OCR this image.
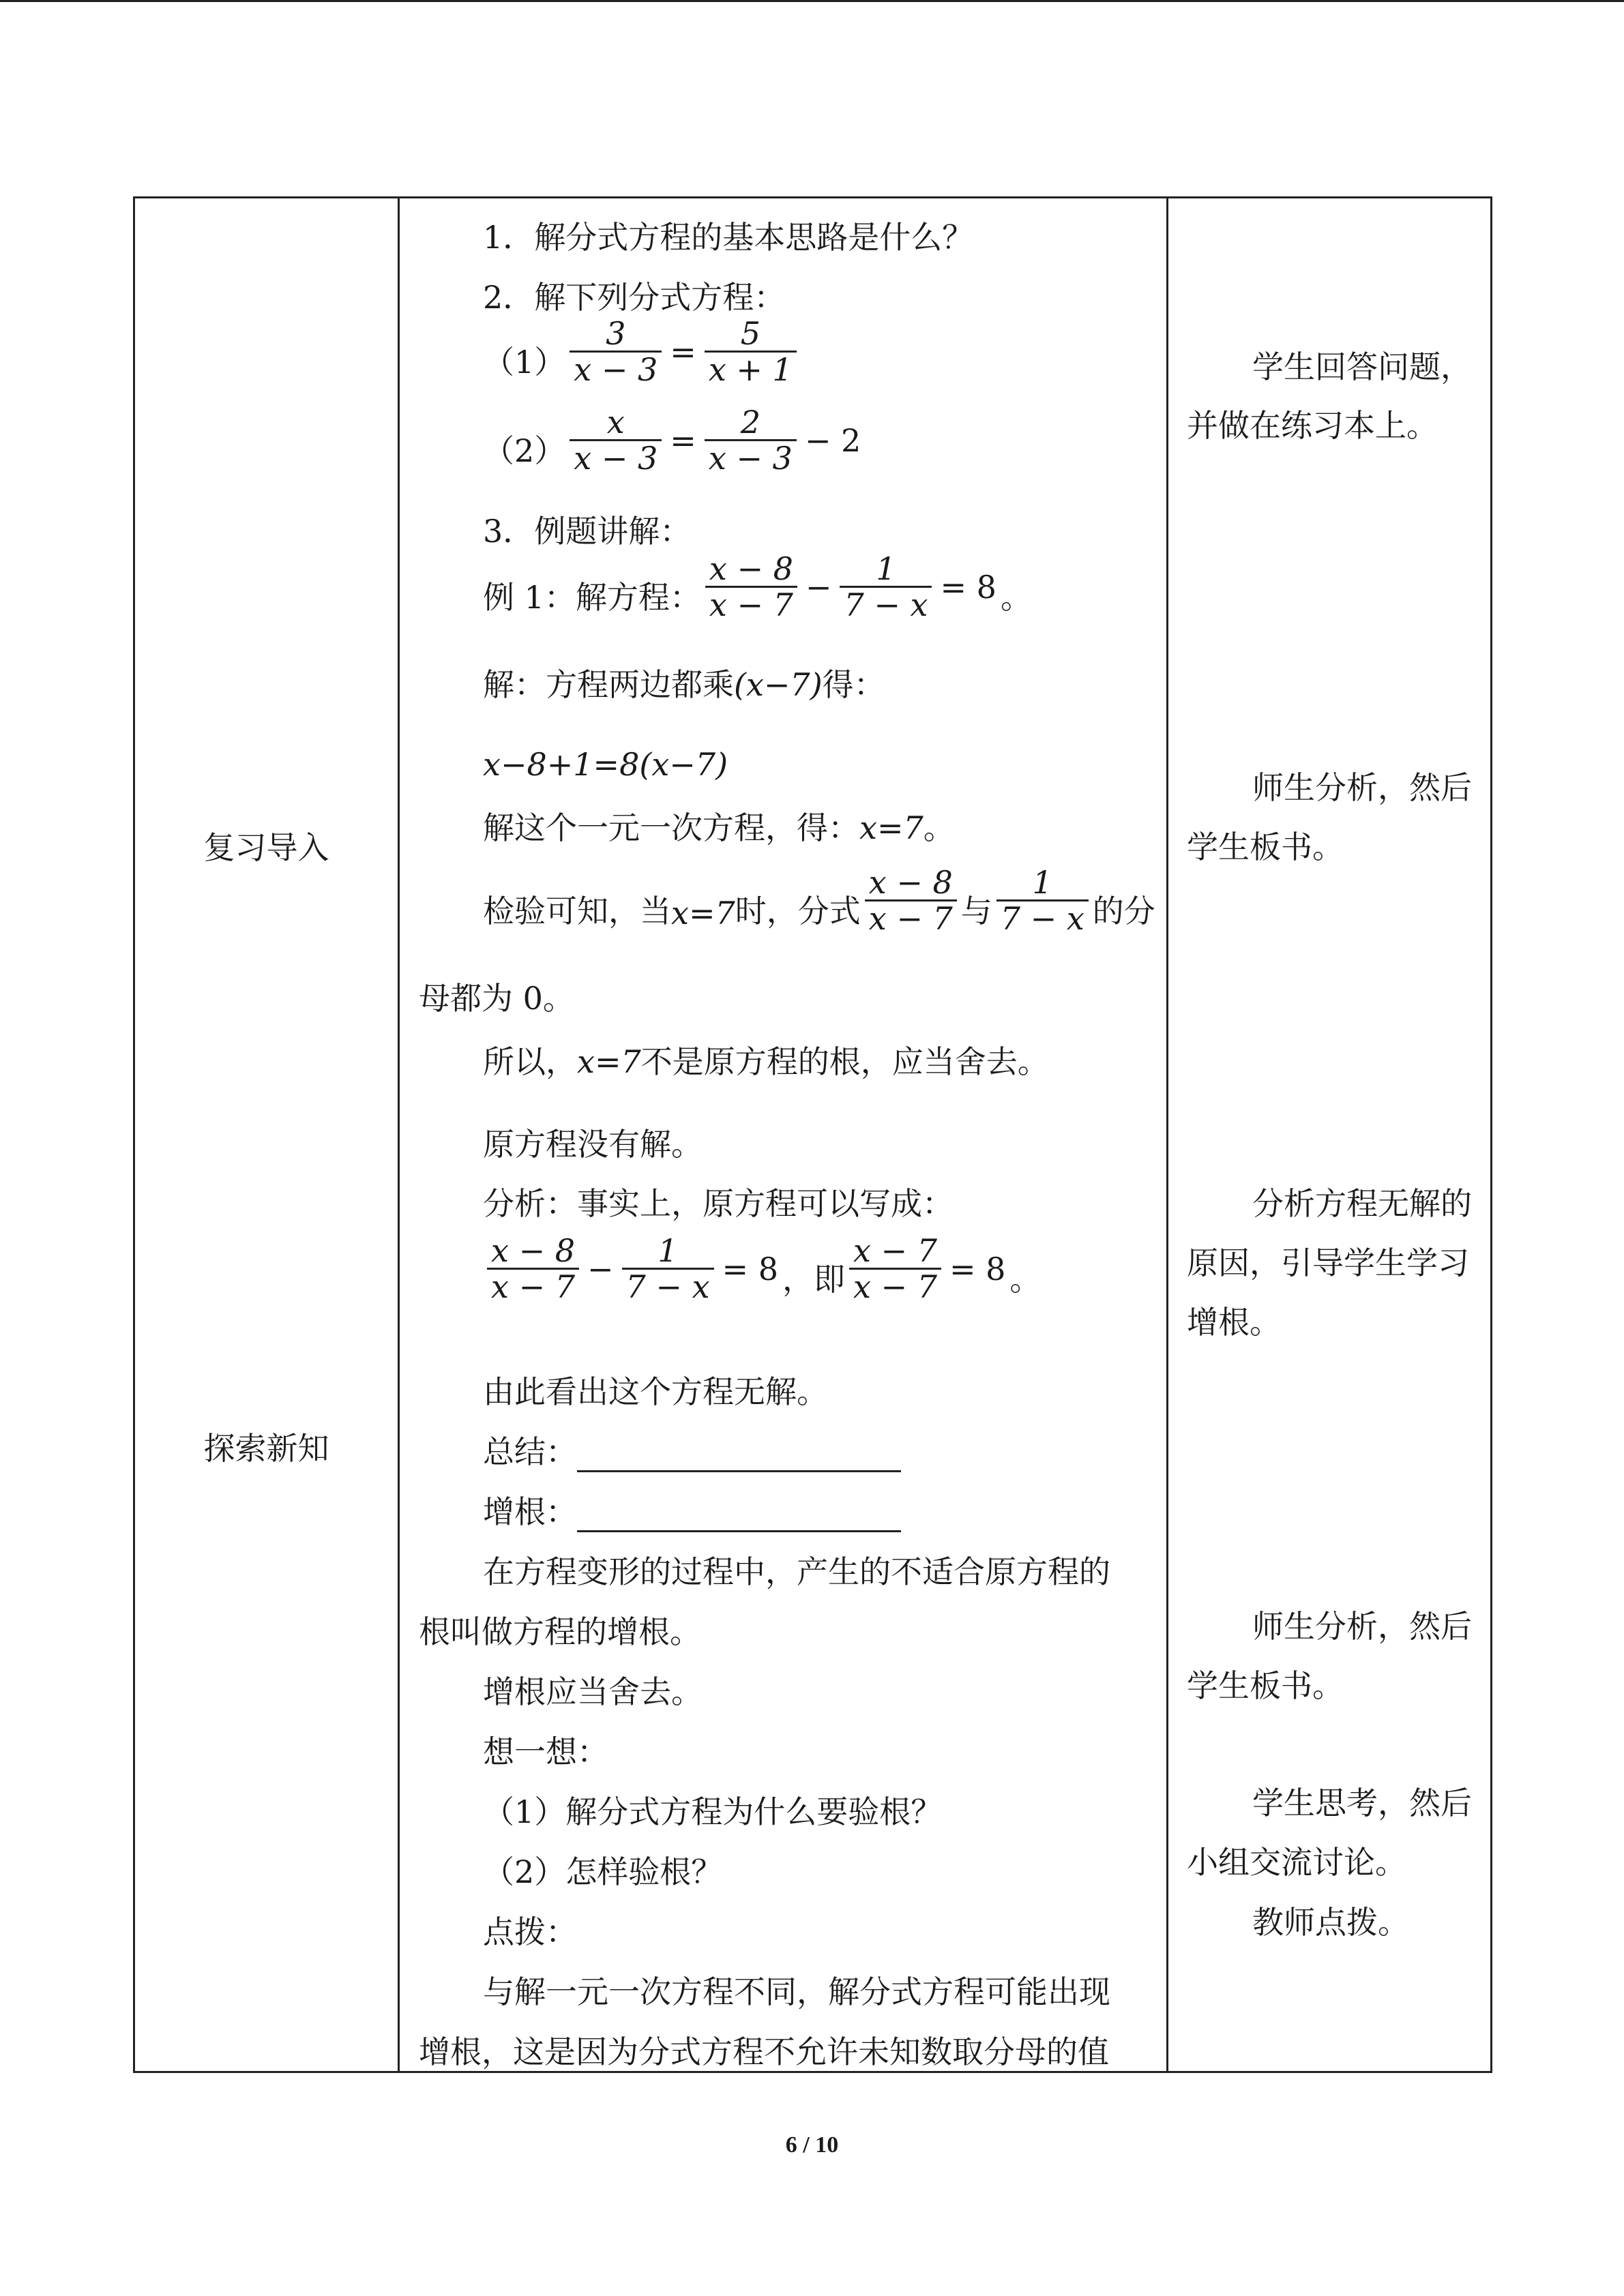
复习导入
探索新知
1．解分式方程的基本思路是什么？
2．解下列分式方程：
$(1) \frac{3}{x - 3} = \frac{5}{x + 1}$
$(2) \frac{x}{x - 3} = \frac{2}{x - 3} - 2$
3．例题讲解：
例 1：解方程： $\frac{x - 8}{x - 7} - \frac{1}{7 - x} = 8$ 。
解：方程两边都乘(x−7)得：
x−8+1=8(x−7)
解这个一元一次方程，得：x=7。
检验可知，当x=7时，分式 $\frac{x - 8}{x - 7}$ 与 $\frac{1}{7 - x}$ 的分
母都为 0。
所以，x=7不是原方程的根，应当舍去。
原方程没有解。
分析：事实上，原方程可以写成：
$\frac{x - 8}{x - 7} - \frac{1}{7 - x} = 8$ ，即 $\frac{x - 7}{x - 7} = 8$ 。
由此看出这个方程无解。
总结：
增根：
在方程变形的过程中，产生的不适合原方程的
根叫做方程的增根。
增根应当舍去。
想一想：
（1）解分式方程为什么要验根？
（2）怎样验根？
点拨：
与解一元一次方程不同，解分式方程可能出现
增根，这是因为分式方程不允许未知数取分母的值
学生回答问题，
并做在练习本上。
师生分析，然后
学生板书。
分析方程无解的
原因，引导学生学习
增根。
师生分析，然后
学生板书。
学生思考，然后
小组交流讨论。
教师点拨。
6 / 10
